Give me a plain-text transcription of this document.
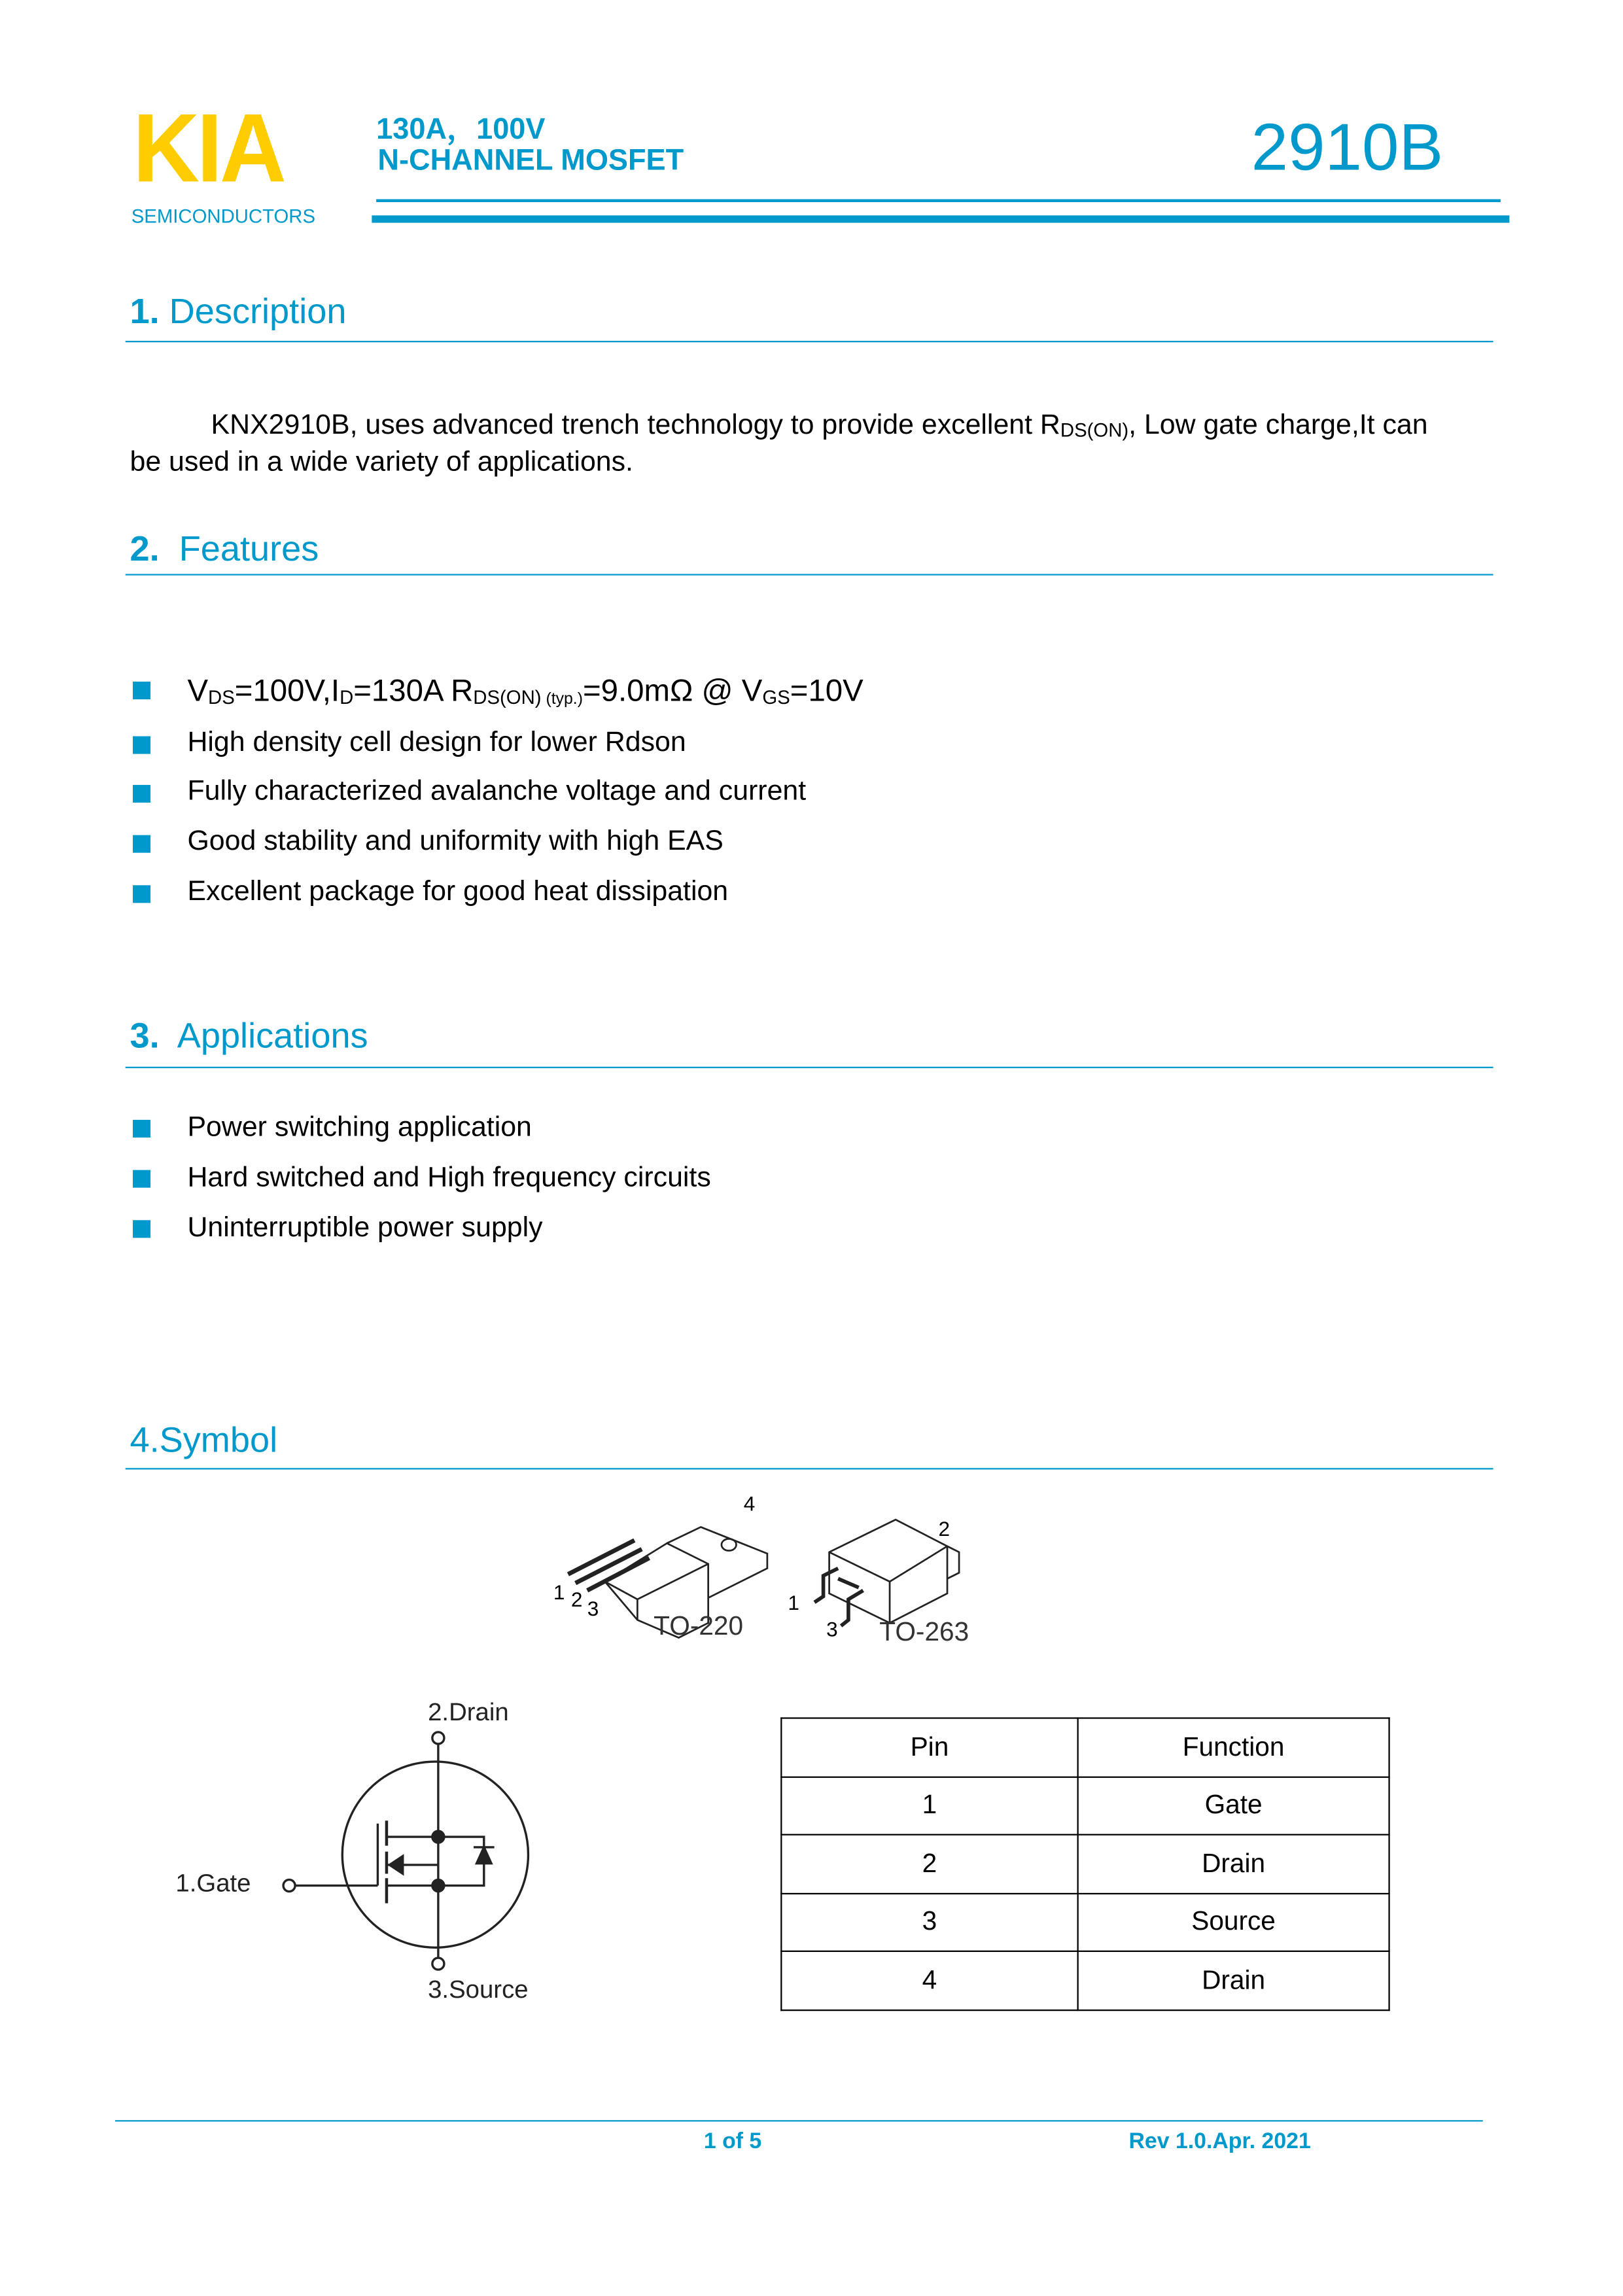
KIA
SEMICONDUCTORS
130A，100V
N-CHANNEL MOSFET	2910B
1. Description
KNX2910B, uses advanced trench technology to provide excellent $R_{DS(ON)}$, Low gate charge,It can
be used in a wide variety of applications.
2. Features
$V_{DS}=100V,I_D=130A$ $R_{DS(ON)}$ $_{(typ.)}$=9.0mΩ @ $V_{GS}=10V$
High density cell design for lower Rdson
Fully characterized avalanche voltage and current
Good stability and uniformity with high EAS
Excellent package for good heat dissipation
3. Applications
Power switching application
Hard switched and High frequency circuits
Uninterruptible power supply
4.Symbol
1 2 3
4
TO-220
1
3
2
TO-263
2.Drain
1.Gate
3.Source
Pin	Function
1	Gate
2	Drain
3	Source
4	Drain
1 of 5	Rev 1.0.Apr. 2021
